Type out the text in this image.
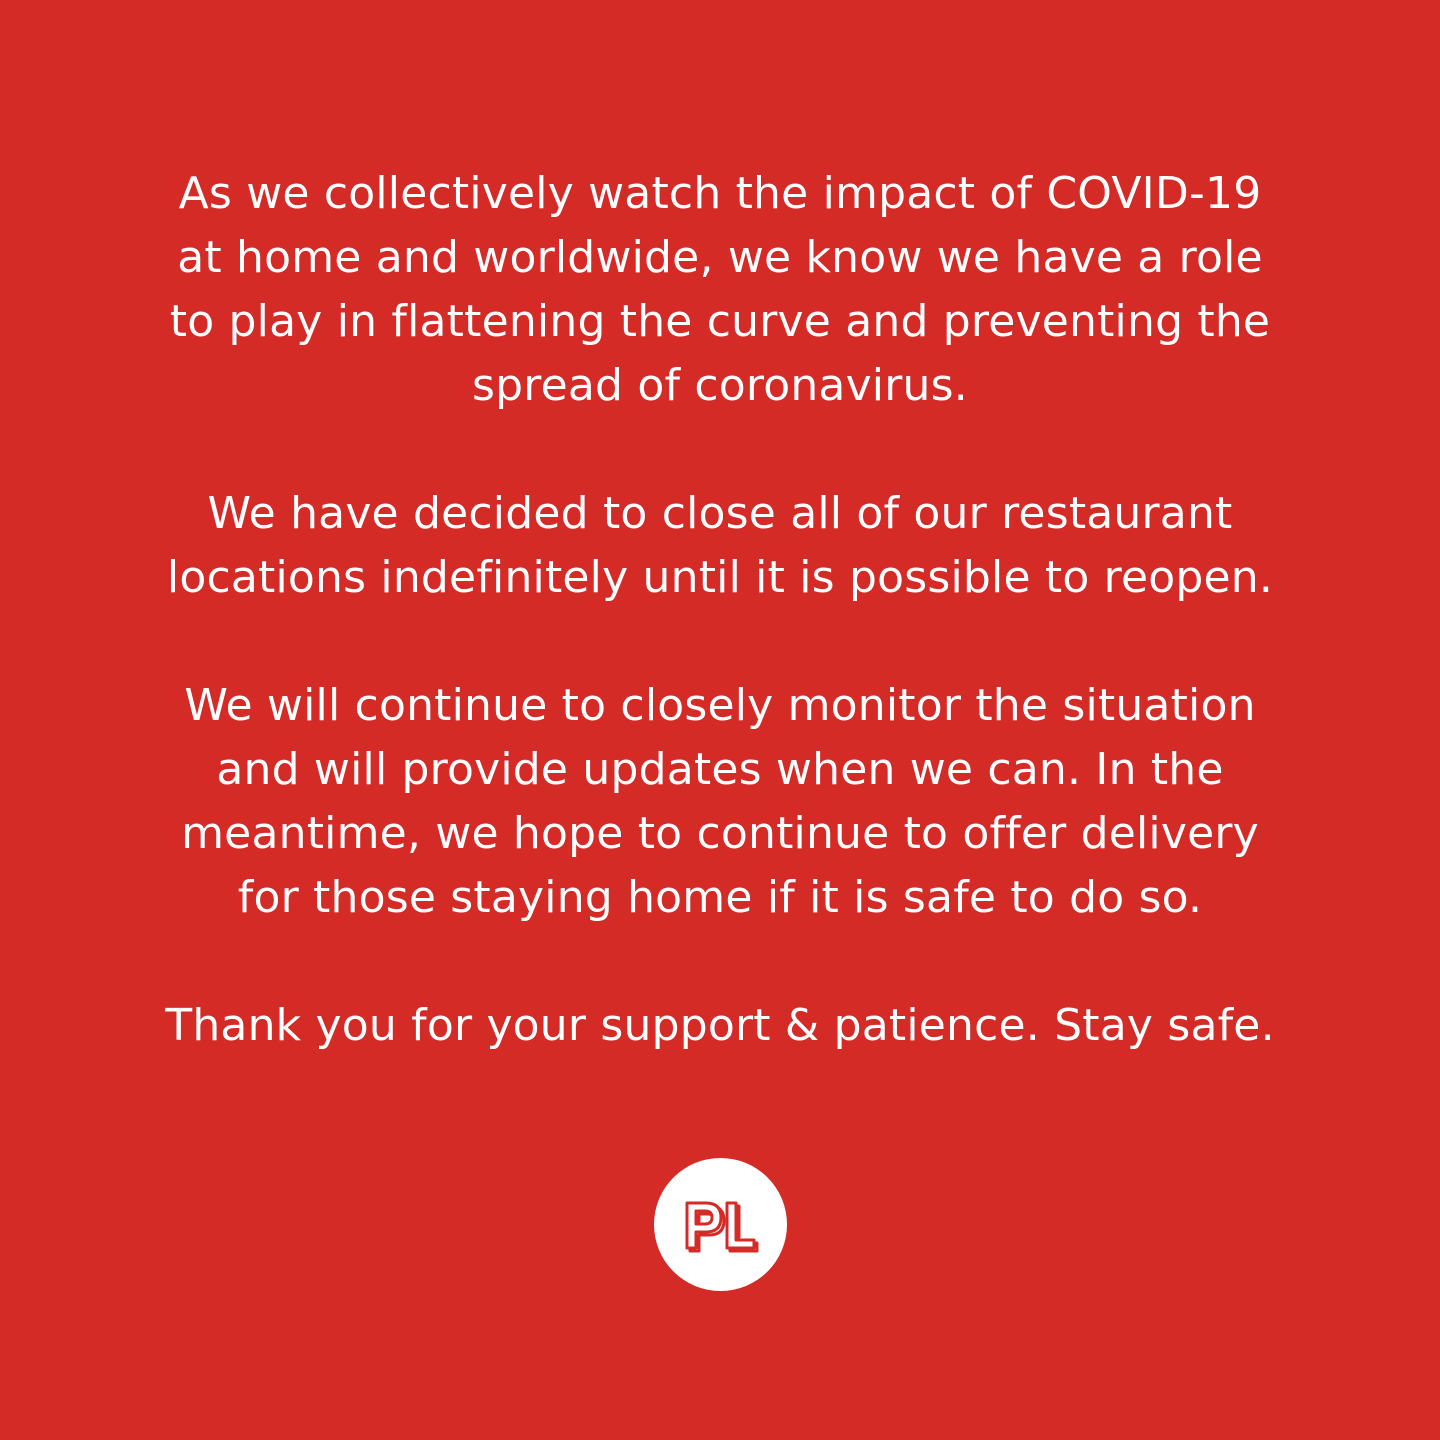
As we collectively watch the impact of COVID-19
at home and worldwide, we know we have a role
to play in flattening the curve and preventing the
spread of coronavirus.
We have decided to close all of our restaurant
locations indefinitely until it is possible to reopen.
We will continue to closely monitor the situation
and will provide updates when we can. In the
meantime, we hope to continue to offer delivery
for those staying home if it is safe to do so.
Thank you for your support & patience. Stay safe.
